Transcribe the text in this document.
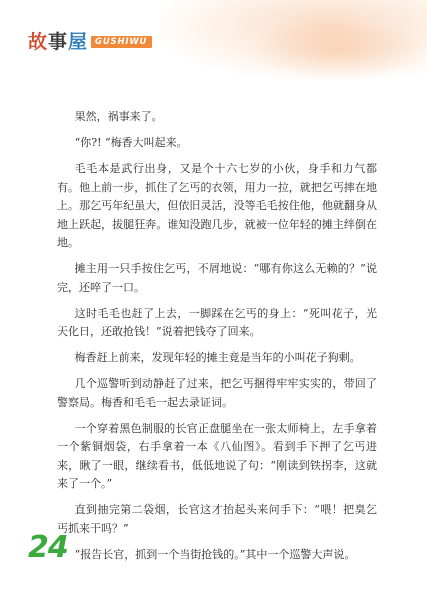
故事屋 GUSHIWU

果然，祸事来了。

“你?! ”梅香大叫起来。

毛毛本是武行出身，又是个十六七岁的小伙，身手和力气都有。他上前一步，抓住了乞丐的衣领，用力一拉，就把乞丐摔在地上。那乞丐年纪虽大，但依旧灵活，没等毛毛按住他，他就翻身从地上跃起，拔腿狂奔。谁知没跑几步，就被一位年轻的摊主绊倒在地。

摊主用一只手按住乞丐，不屑地说：“哪有你这么无赖的？”说完，还啐了一口。

这时毛毛也赶了上去，一脚踩在乞丐的身上：“死叫花子，光天化日，还敢抢钱！”说着把钱夺了回来。

梅香赶上前来，发现年轻的摊主竟是当年的小叫花子狗剩。

几个巡警听到动静赶了过来，把乞丐捆得牢牢实实的，带回了警察局。梅香和毛毛一起去录证词。

一个穿着黑色制服的长官正盘腿坐在一张太师椅上，左手拿着一个紫铜烟袋，右手拿着一本《八仙图》。看到手下押了乞丐进来，瞅了一眼，继续看书，低低地说了句：“刚读到铁拐李，这就来了一个。”

直到抽完第二袋烟，长官这才抬起头来问手下：“喂！把臭乞丐抓来干吗？”

“报告长官，抓到一个当街抢钱的。”其中一个巡警大声说。

24
